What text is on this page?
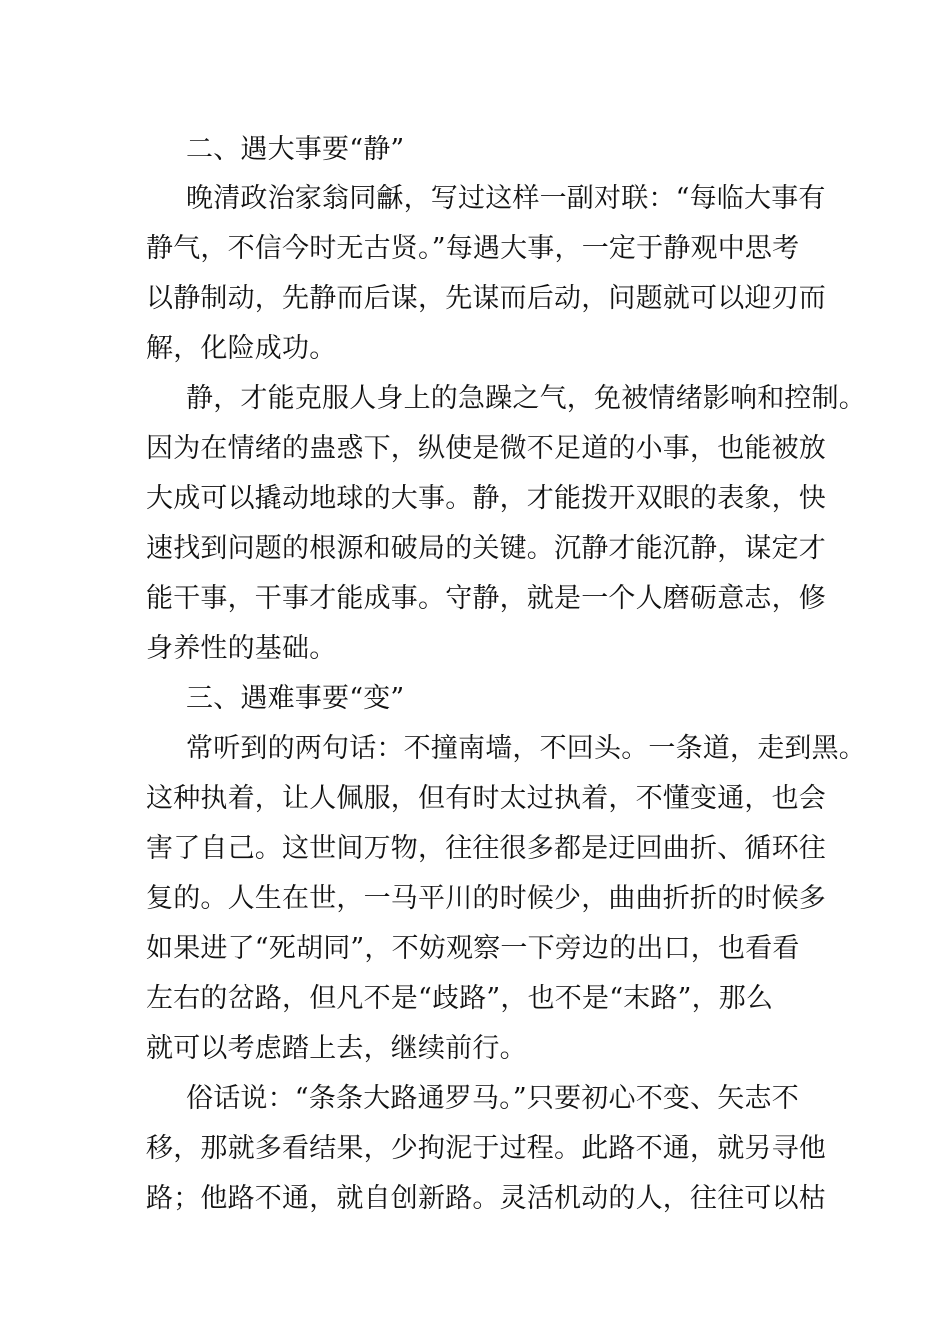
二、遇大事要“静”
晚清政治家翁同龢，写过这样一副对联：“每临大事有
静气，不信今时无古贤。”每遇大事，一定于静观中思考
以静制动，先静而后谋，先谋而后动，问题就可以迎刃而
解，化险成功。
静，才能克服人身上的急躁之气，免被情绪影响和控制。
因为在情绪的蛊惑下，纵使是微不足道的小事，也能被放
大成可以撬动地球的大事。静，才能拨开双眼的表象，快
速找到问题的根源和破局的关键。沉静才能沉静，谋定才
能干事，干事才能成事。守静，就是一个人磨砺意志，修
身养性的基础。
三、遇难事要“变”
常听到的两句话：不撞南墙，不回头。一条道，走到黑。
这种执着，让人佩服，但有时太过执着，不懂变通，也会
害了自己。这世间万物，往往很多都是迂回曲折、循环往
复的。人生在世，一马平川的时候少，曲曲折折的时候多
如果进了“死胡同”，不妨观察一下旁边的出口，也看看
左右的岔路，但凡不是“歧路”，也不是“末路”，那么
就可以考虑踏上去，继续前行。
俗话说：“条条大路通罗马。”只要初心不变、矢志不
移，那就多看结果，少拘泥于过程。此路不通，就另寻他
路；他路不通，就自创新路。灵活机动的人，往往可以枯
